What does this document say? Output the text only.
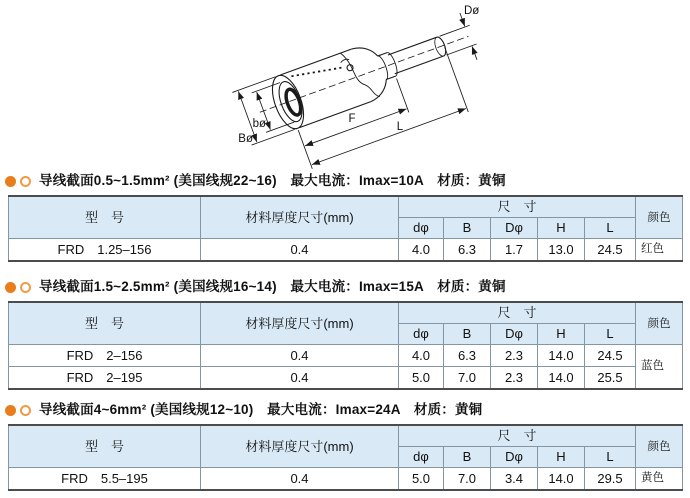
Bø
bø	F
L
Dø
导线截面0.5~1.5mm² (美国线规22~16)　最大电流：Imax=10A　材质：黄铜
型　号	材料厚度尺寸(mm)	尺　寸					颜色
		dφ	B	Dφ	H	L	
FRD　1.25–156	0.4	4.0	6.3	1.7	13.0	24.5	红色
导线截面1.5~2.5mm² (美国线规16~14)　最大电流：Imax=15A　材质：黄铜
型　号	材料厚度尺寸(mm)	尺　寸					颜色
		dφ	B	Dφ	H	L	
FRD　2–156	0.4	4.0	6.3	2.3	14.0	24.5	蓝色
FRD　2–195	0.4	5.0	7.0	2.3	14.0	25.5	
导线截面4~6mm² (美国线规12~10)　最大电流：Imax=24A　材质：黄铜
型　号	材料厚度尺寸(mm)	尺　寸					颜色
		dφ	B	Dφ	H	L	
FRD　5.5–195	0.4	5.0	7.0	3.4	14.0	29.5	黄色
